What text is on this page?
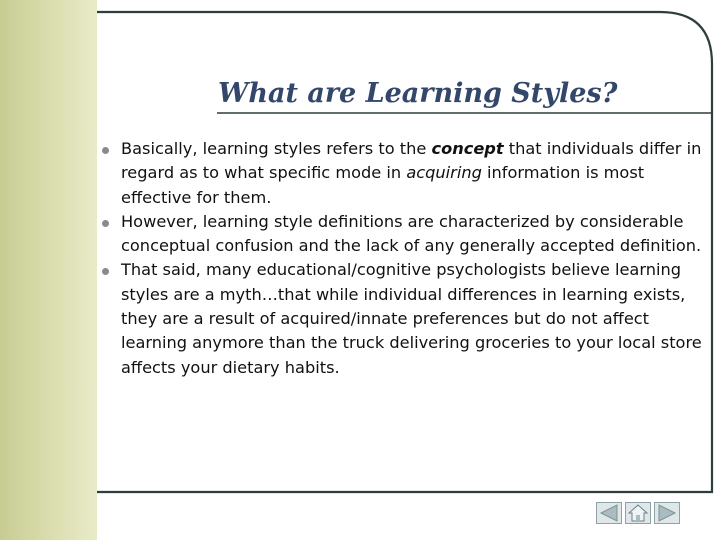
What are Learning Styles?
Basically, learning styles refers to the concept that individuals differ in regard as to what specific mode in acquiring information is most effective for them.
However, learning style definitions are characterized by considerable conceptual confusion and the lack of any generally accepted definition.
That said, many educational/cognitive psychologists believe learning styles are a myth…that while individual differences in learning exists, they are a result of acquired/innate preferences but do not affect learning anymore than the truck delivering groceries to your local store affects your dietary habits.
